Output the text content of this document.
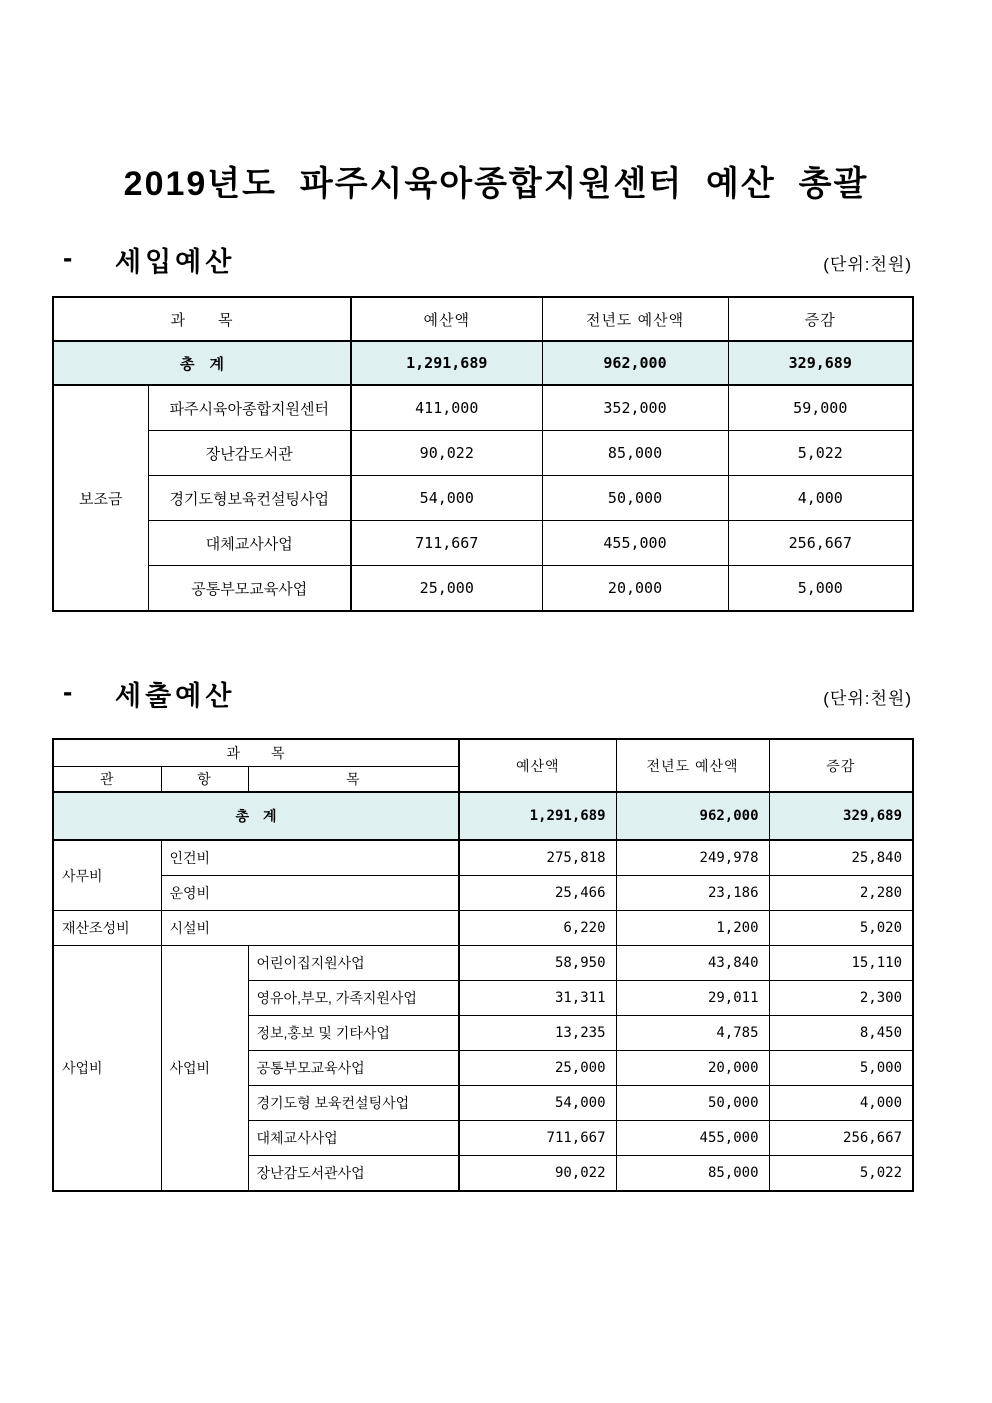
2019년도  파주시육아종합지원센터  예산  총괄
- 세입예산	(단위:천원)
과　　목		예산액	전년도 예산액	증감
총　계		1,291,689	962,000	329,689
보조금	파주시육아종합지원센터	411,000	352,000	59,000
	장난감도서관	90,022	85,000	5,022
	경기도형보육컨설팅사업	54,000	50,000	4,000
	대체교사사업	711,667	455,000	256,667
	공통부모교육사업	25,000	20,000	5,000
- 세출예산	(단위:천원)
과　　목			예산액	전년도 예산액	증감
관	항	목			
총　계			1,291,689	962,000	329,689
사무비	인건비		275,818	249,978	25,840
	운영비		25,466	23,186	2,280
재산조성비	시설비		6,220	1,200	5,020
사업비	사업비	어린이집지원사업	58,950	43,840	15,110
		영유아,부모, 가족지원사업	31,311	29,011	2,300
		정보,홍보 및 기타사업	13,235	4,785	8,450
		공통부모교육사업	25,000	20,000	5,000
		경기도형 보육컨설팅사업	54,000	50,000	4,000
		대체교사사업	711,667	455,000	256,667
		장난감도서관사업	90,022	85,000	5,022
